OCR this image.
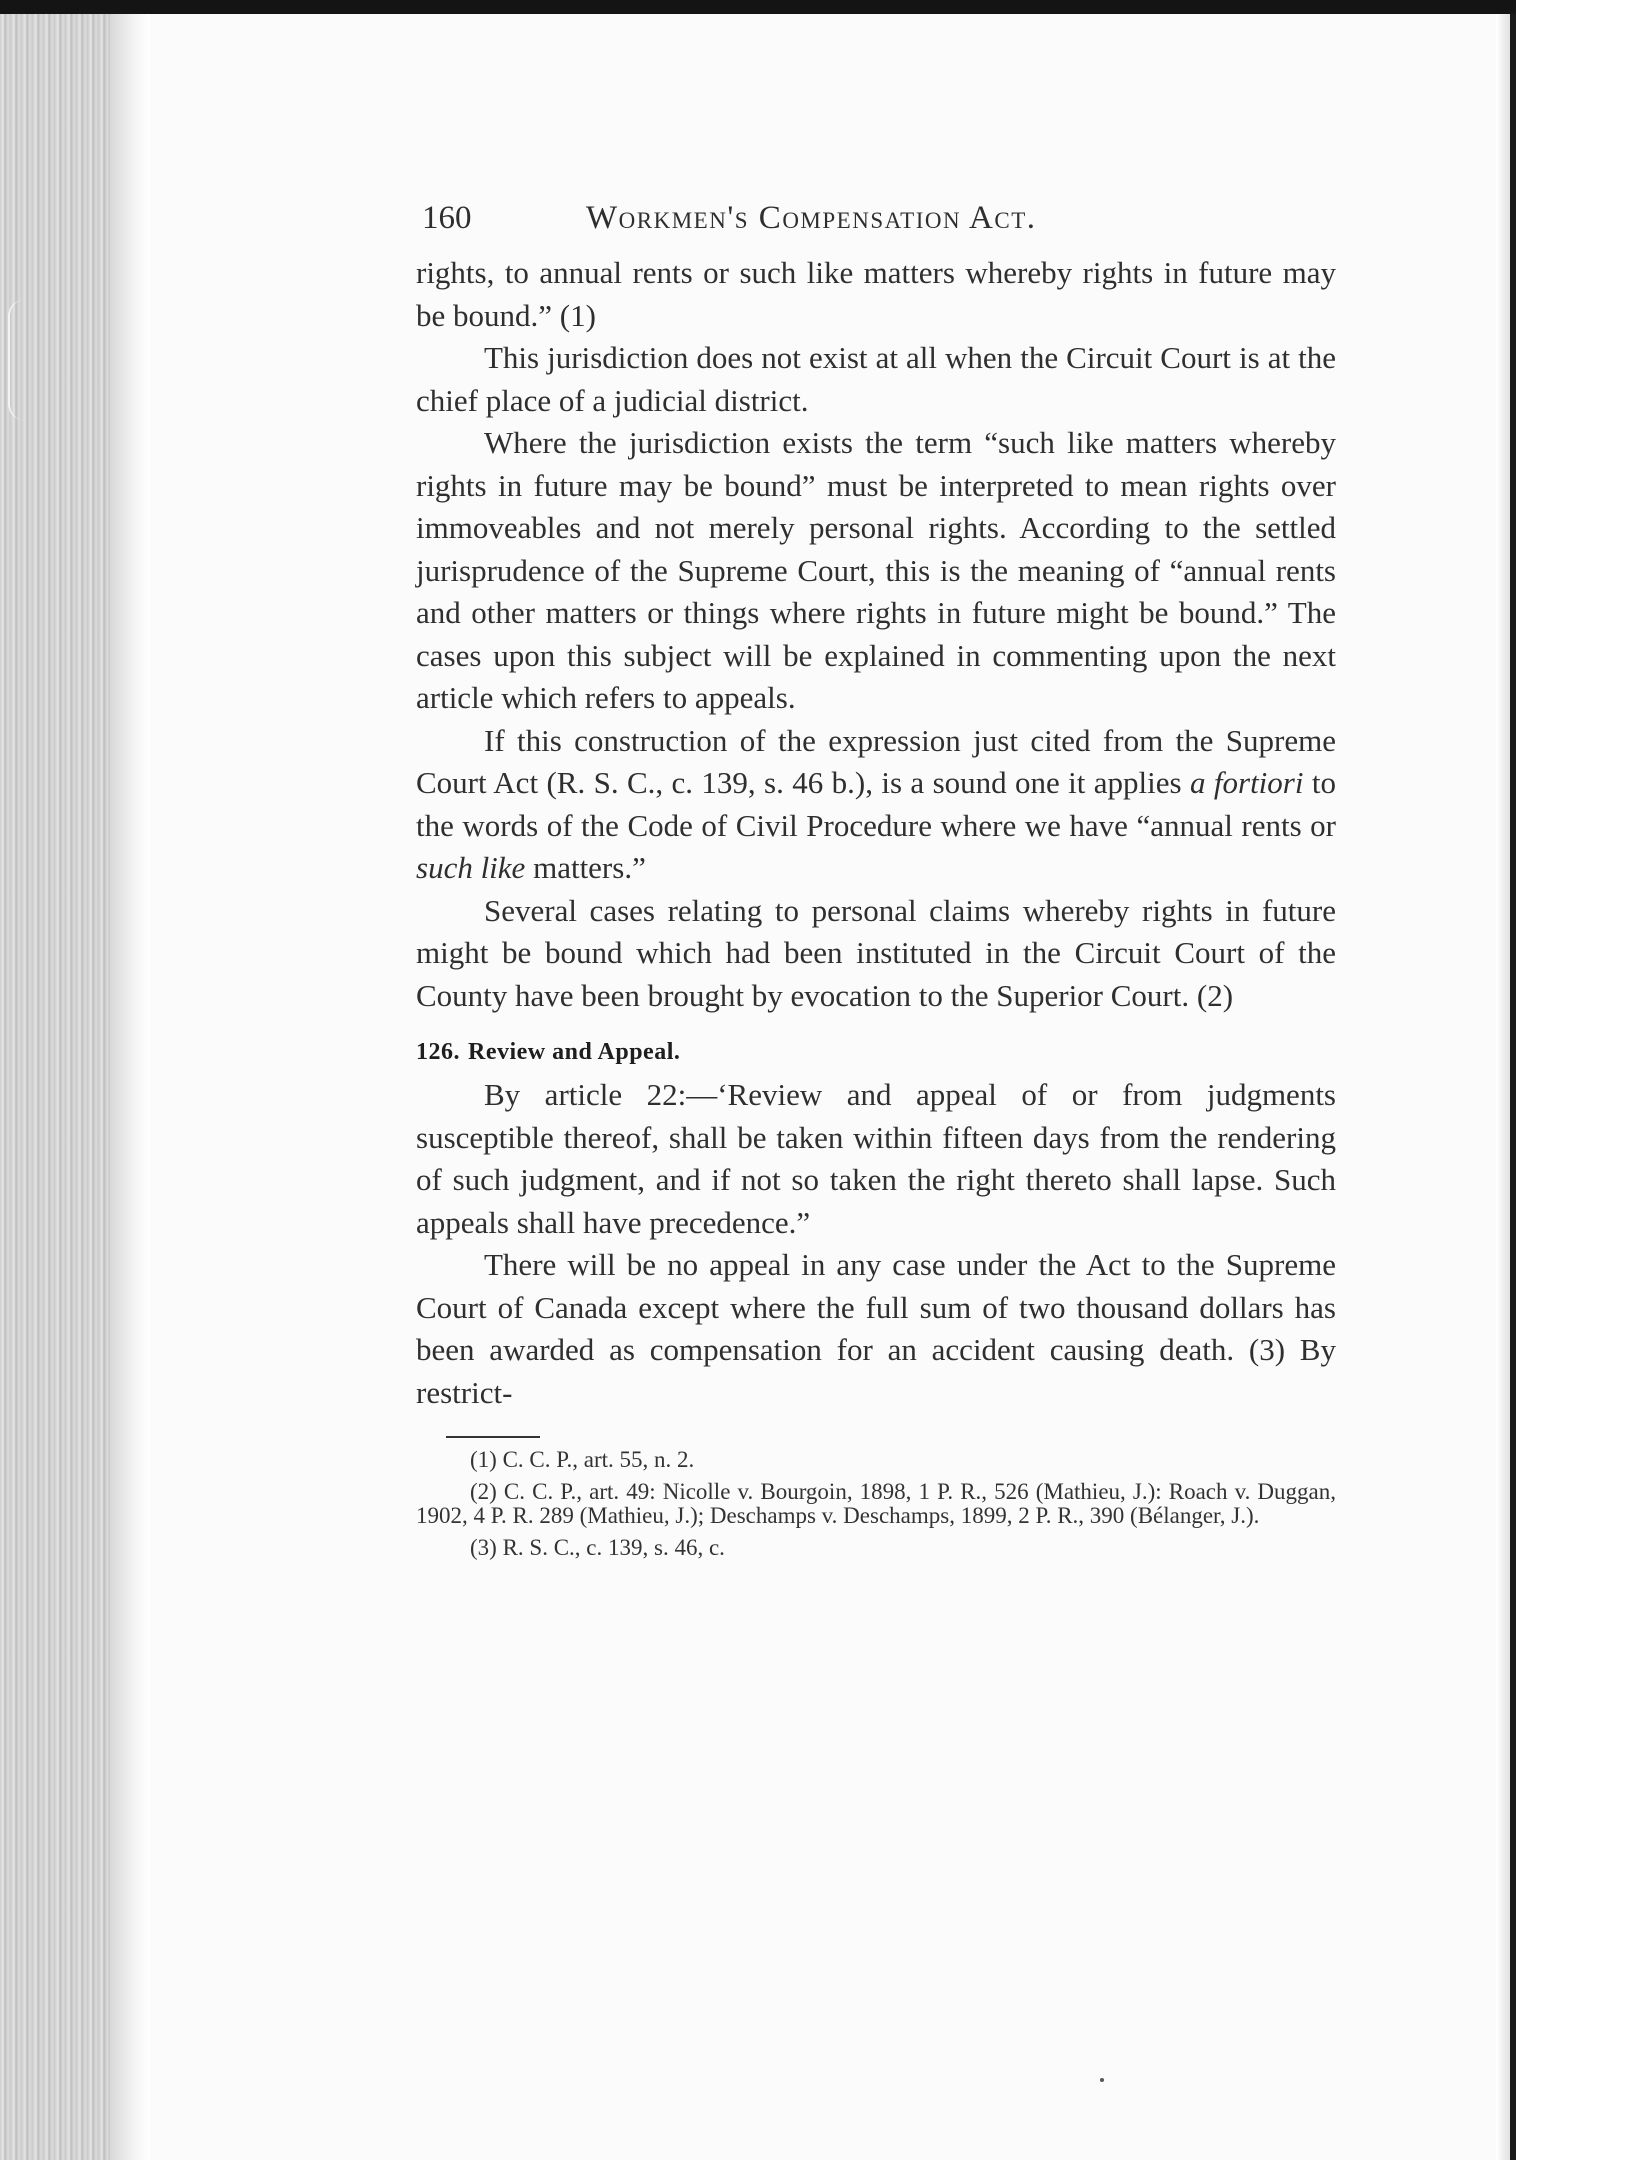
160	Workmen's Compensation Act.

rights, to annual rents or such like matters whereby rights in future may be bound.” (1)

This jurisdiction does not exist at all when the Circuit Court is at the chief place of a judicial district.

Where the jurisdiction exists the term “such like matters whereby rights in future may be bound” must be interpreted to mean rights over immoveables and not merely personal rights. According to the settled jurisprudence of the Supreme Court, this is the meaning of “annual rents and other matters or things where rights in future might be bound.” The cases upon this subject will be explained in commenting upon the next article which refers to appeals.

If this construction of the expression just cited from the Supreme Court Act (R. S. C., c. 139, s. 46 b.), is a sound one it applies a fortiori to the words of the Code of Civil Procedure where we have “annual rents or such like matters.”

Several cases relating to personal claims whereby rights in future might be bound which had been instituted in the Circuit Court of the County have been brought by evocation to the Superior Court. (2)

126. Review and Appeal.

By article 22:—‘Review and appeal of or from judgments susceptible thereof, shall be taken within fifteen days from the rendering of such judgment, and if not so taken the right thereto shall lapse. Such appeals shall have precedence.”

There will be no appeal in any case under the Act to the Supreme Court of Canada except where the full sum of two thousand dollars has been awarded as compensation for an accident causing death. (3) By restrict-

(1) C. C. P., art. 55, n. 2.

(2) C. C. P., art. 49: Nicolle v. Bourgoin, 1898, 1 P. R., 526 (Mathieu, J.): Roach v. Duggan, 1902, 4 P. R. 289 (Mathieu, J.); Deschamps v. Deschamps, 1899, 2 P. R., 390 (Bélanger, J.).

(3) R. S. C., c. 139, s. 46, c.
